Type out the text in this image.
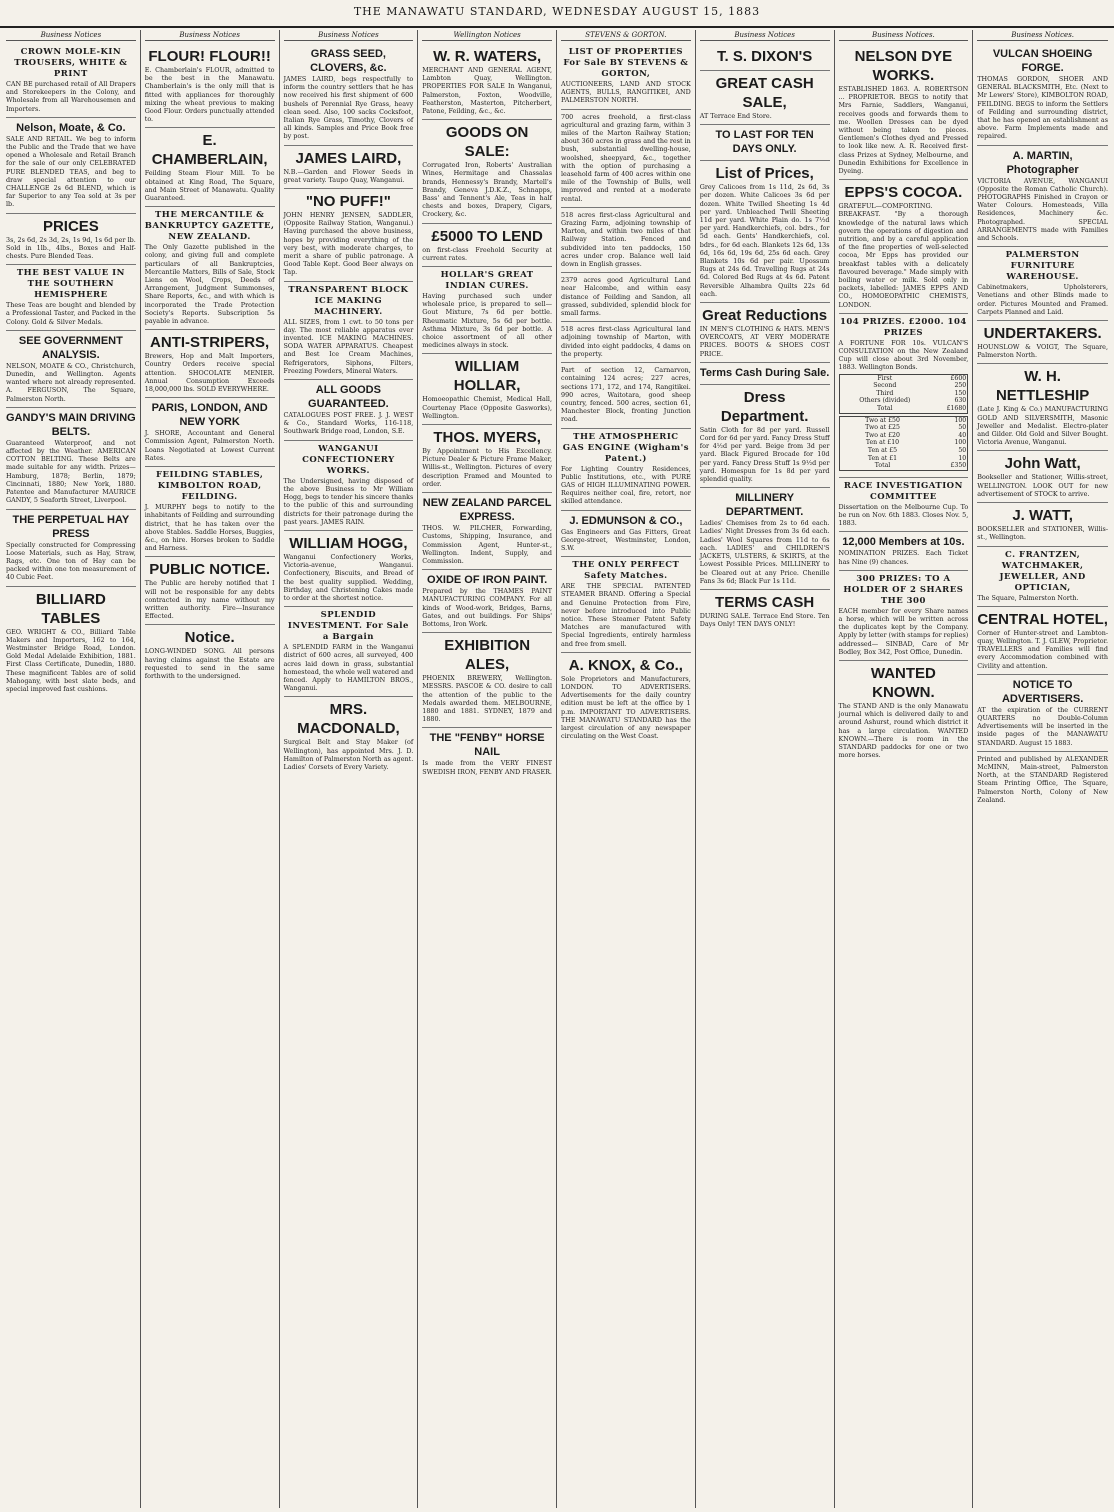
THE MANAWATU STANDARD, WEDNESDAY AUGUST 15, 1883
Business Notices
CROWN MOLE-KIN TROUSERS, WHITE & PRINT
CAN BE purchased retail of All Drapers and Storekeepers in the Colony, and Wholesale from all Warehousemen and Importers.
Nelson, Moate, & Co.
SALE AND RETAIL. We beg to inform the Public and the Trade that we have opened a Wholesale and Retail Branch for the sale of our only CELEBRATED PURE BLENDED TEAS, and beg to draw special attention to our CHALLENGE 2s 6d BLEND, which is far Superior to any Tea sold at 3s per lb.
PRICES
3s, 2s 6d, 2s 3d, 2s, 1s 9d, 1s 6d per lb. Sold in 1lb., 4lbs., Boxes and Half-chests. Pure Blended Teas.
THE BEST VALUE IN THE SOUTHERN HEMISPHERE
These Teas are bought and blended by a Professional Taster, and Packed in the Colony. Gold & Silver Medals.
SEE GOVERNMENT ANALYSIS.
NELSON, MOATE & CO., Christchurch, Dunedin, and Wellington. Agents wanted where not already represented. A. FERGUSON, The Square, Palmerston North.
GANDY'S MAIN DRIVING BELTS.
Guaranteed Waterproof, and not affected by the Weather. AMERICAN COTTON BELTING. These Belts are made suitable for any width. Prizes—Hamburg, 1878; Berlin, 1879; Cincinnati, 1880; New York, 1880. Patentee and Manufacturer MAURICE GANDY, 5 Seaforth Street, Liverpool.
THE PERPETUAL HAY PRESS
Specially constructed for Compressing Loose Materials, such as Hay, Straw, Rags, etc. One ton of Hay can be packed within one ton measurement of 40 Cubic Feet.
BILLIARD TABLES
GEO. WRIGHT & CO., Billiard Table Makers and Importers, 162 to 164, Westminster Bridge Road, London. Gold Medal Adelaide Exhibition, 1881. First Class Certificate, Dunedin, 1880. These magnificent Tables are of solid Mahogany, with best slate beds, and special improved fast cushions.
Business Notices
FLOUR! FLOUR!!
E. Chamberlain's FLOUR, admitted to be the best in the Manawatu. Chamberlain's is the only mill that is fitted with appliances for thoroughly mixing the wheat previous to making Good Flour. Orders punctually attended to.
E. CHAMBERLAIN,
Feilding Steam Flour Mill. To be obtained at King Road, The Square, and Main Street of Manawatu. Quality Guaranteed.
THE MERCANTILE & BANKRUPTCY GAZETTE, NEW ZEALAND.
The Only Gazette published in the colony, and giving full and complete particulars of all Bankruptcies, Mercantile Matters, Bills of Sale, Stock Liens on Wool, Crops, Deeds of Arrangement, Judgment Summonses, Share Reports, &c., and with which is incorporated the Trade Protection Society's Reports. Subscription 5s payable in advance.
ANTI-STRIPERS,
Brewers, Hop and Malt Importers, Country Orders receive special attention. SHOCOLATE MENIER. Annual Consumption Exceeds 18,000,000 lbs. SOLD EVERYWHERE.
PARIS, LONDON, AND NEW YORK
J. SHORE, Accountant and General Commission Agent, Palmerston North. Loans Negotiated at Lowest Current Rates.
FEILDING STABLES, KIMBOLTON ROAD, FEILDING.
J. MURPHY begs to notify to the inhabitants of Feilding and surrounding district, that he has taken over the above Stables. Saddle Horses, Buggies, &c., on hire. Horses broken to Saddle and Harness.
PUBLIC NOTICE.
The Public are hereby notified that I will not be responsible for any debts contracted in my name without my written authority. Fire—Insurance Effected.
Notice.
LONG-WINDED SONG. All persons having claims against the Estate are requested to send in the same forthwith to the undersigned.
Business Notices
GRASS SEED, CLOVERS, &c.
JAMES LAIRD, begs respectfully to inform the country settlers that he has now received his first shipment of 600 bushels of Perennial Rye Grass, heavy clean seed. Also, 100 sacks Cocksfoot, Italian Rye Grass, Timothy, Clovers of all kinds. Samples and Price Book free by post.
JAMES LAIRD,
N.B.—Garden and Flower Seeds in great variety. Taupo Quay, Wanganui.
"NO PUFF!"
JOHN HENRY JENSEN, SADDLER, (Opposite Railway Station, Wanganui.) Having purchased the above business, hopes by providing everything of the very best, with moderate charges, to merit a share of public patronage. A Good Table Kept. Good Beer always on Tap.
TRANSPARENT BLOCK ICE MAKING MACHINERY.
ALL SIZES, from 1 cwt. to 50 tons per day. The most reliable apparatus ever invented. ICE MAKING MACHINES. SODA WATER APPARATUS. Cheapest and Best Ice Cream Machines, Refrigerators, Siphons, Filters, Freezing Powders, Mineral Waters.
ALL GOODS GUARANTEED.
CATALOGUES POST FREE. J. J. WEST & Co., Standard Works, 116-118, Southwark Bridge road, London, S.E.
WANGANUI CONFECTIONERY WORKS.
The Undersigned, having disposed of the above Business to Mr William Hogg, begs to tender his sincere thanks to the public of this and surrounding districts for their patronage during the past years. JAMES RAIN.
WILLIAM HOGG,
Wanganui Confectionery Works, Victoria-avenue, Wanganui. Confectionery, Biscuits, and Bread of the best quality supplied. Wedding, Birthday, and Christening Cakes made to order at the shortest notice.
SPLENDID INVESTMENT. For Sale a Bargain
A SPLENDID FARM in the Wanganui district of 600 acres, all surveyed, 400 acres laid down in grass, substantial homestead, the whole well watered and fenced. Apply to HAMILTON BROS., Wanganui.
MRS. MACDONALD,
Surgical Belt and Stay Maker (of Wellington), has appointed Mrs. J. D. Hamilton of Palmerston North as agent. Ladies' Corsets of Every Variety.
Wellington Notices
W. R. WATERS,
MERCHANT AND GENERAL AGENT, Lambton Quay, Wellington. PROPERTIES FOR SALE In Wanganui, Palmerston, Foxton, Woodville, Featherston, Masterton, Pitcherbert, Patone, Feilding, &c., &c.
GOODS ON SALE:
Corrugated Iron, Roberts' Australian Wines, Hermitage and Chassalas brands, Hennessy's Brandy, Martell's Brandy, Geneva J.D.K.Z., Schnapps, Bass' and Tennent's Ale, Teas in half chests and boxes, Drapery, Cigars, Crockery, &c.
£5000 TO LEND
on first-class Freehold Security at current rates.
HOLLAR'S GREAT INDIAN CURES.
Having purchased such under wholesale price, is prepared to sell— Gout Mixture, 7s 6d per bottle. Rheumatic Mixture, 5s 6d per bottle. Asthma Mixture, 3s 6d per bottle. A choice assortment of all other medicines always in stock.
WILLIAM HOLLAR,
Homoeopathic Chemist, Medical Hall, Courtenay Place (Opposite Gasworks), Wellington.
THOS. MYERS,
By Appointment to His Excellency. Picture Dealer & Picture Frame Maker, Willis-st., Wellington. Pictures of every description Framed and Mounted to order.
NEW ZEALAND PARCEL EXPRESS.
THOS. W. PILCHER, Forwarding, Customs, Shipping, Insurance, and Commission Agent, Hunter-st., Wellington. Indent, Supply, and Commission.
OXIDE OF IRON PAINT.
Prepared by the THAMES PAINT MANUFACTURING COMPANY. For all kinds of Wood-work, Bridges, Barns, Gates, and out buildings. For Ships' Bottoms, Iron Work.
EXHIBITION ALES,
PHOENIX BREWERY, Wellington. MESSRS. PASCOE & CO. desire to call the attention of the public to the Medals awarded them. MELBOURNE, 1880 and 1881. SYDNEY, 1879 and 1880.
THE "FENBY" HORSE NAIL
Is made from the VERY FINEST SWEDISH IRON, FENBY AND FRASER.
STEVENS & GORTON.
LIST OF PROPERTIES For Sale BY STEVENS & GORTON,
AUCTIONEERS, LAND AND STOCK AGENTS, BULLS, RANGITIKEI, AND PALMERSTON NORTH.
700 acres freehold, a first-class agricultural and grazing farm, within 3 miles of the Marton Railway Station; about 360 acres in grass and the rest in bush, substantial dwelling-house, woolshed, sheepyard, &c., together with the option of purchasing a leasehold farm of 400 acres within one mile of the Township of Bulls, well improved and rented at a moderate rental.
518 acres first-class Agricultural and Grazing Farm, adjoining township of Marton, and within two miles of that Railway Station. Fenced and subdivided into ten paddocks, 150 acres under crop. Balance well laid down in English grasses.
2379 acres good Agricultural Land near Halcombe, and within easy distance of Feilding and Sandon, all grassed, subdivided, splendid block for small farms.
518 acres first-class Agricultural land adjoining township of Marton, with divided into eight paddocks, 4 dams on the property.
Part of section 12, Carnarvon, containing 124 acres; 227 acres, sections 171, 172, and 174, Rangitikei. 990 acres, Waitotara, good sheep country, fenced. 500 acres, section 61, Manchester Block, fronting Junction road.
THE ATMOSPHERIC GAS ENGINE (Wigham's Patent.)
For Lighting Country Residences, Public Institutions, etc., with PURE GAS of HIGH ILLUMINATING POWER. Requires neither coal, fire, retort, nor skilled attendance.
J. EDMUNSON & CO.,
Gas Engineers and Gas Fitters, Great George-street, Westminster, London, S.W.
THE ONLY PERFECT Safety Matches.
ARE THE SPECIAL PATENTED STEAMER BRAND. Offering a Special and Genuine Protection from Fire, never before introduced into Public notice. These Steamer Patent Safety Matches are manufactured with Special Ingredients, entirely harmless and free from smell.
A. KNOX, & Co.,
Sole Proprietors and Manufacturers, LONDON. TO ADVERTISERS. Advertisements for the daily country edition must be left at the office by 1 p.m. IMPORTANT TO ADVERTISERS. THE MANAWATU STANDARD has the largest circulation of any newspaper circulating on the West Coast.
Business Notices
T. S. DIXON'S
GREAT CASH SALE,
AT Terrace End Store.
TO LAST FOR TEN DAYS ONLY.
List of Prices,
Grey Calicoes from 1s 11d, 2s 6d, 3s per dozen. White Calicoes 3s 6d per dozen. White Twilled Sheeting 1s 4d per yard. Unbleached Twill Sheeting 11d per yard. White Plain do. 1s 7½d per yard. Handkerchiefs, col. bdrs., for 5d each. Gents' Handkerchiefs, col. bdrs., for 6d each. Blankets 12s 6d, 13s 6d, 16s 6d, 19s 6d, 25s 6d each. Grey Blankets 10s 6d per pair. Upossum Rugs at 24s 6d. Travelling Rugs at 24s 6d. Colored Bed Rugs at 4s 6d. Patent Reversible Alhambra Quilts 22s 6d each.
Great Reductions
IN MEN'S CLOTHING & HATS. MEN'S OVERCOATS, AT VERY MODERATE PRICES. BOOTS & SHOES COST PRICE.
Terms Cash During Sale.
Dress Department.
Satin Cloth for 8d per yard. Russell Cord for 6d per yard. Fancy Dress Stuff for 4½d per yard. Beige from 3d per yard. Black Figured Brocade for 10d per yard. Fancy Dress Stuff 1s 9½d per yard. Homespun for 1s 8d per yard splendid quality.
MILLINERY DEPARTMENT.
Ladies' Chemises from 2s to 6d each. Ladies' Night Dresses from 3s 6d each. Ladies' Wool Squares from 11d to 6s each. LADIES' and CHILDREN'S JACKETS, ULSTERS, & SKIRTS, at the Lowest Possible Prices. MILLINERY to be Cleared out at any Price. Chenille Fans 3s 6d; Black Fur 1s 11d.
TERMS CASH
DURING SALE. Terrace End Store. Ten Days Only! TEN DAYS ONLY!
Business Notices.
NELSON DYE WORKS.
ESTABLISHED 1863. A. ROBERTSON ... PROPRIETOR. BEGS to notify that Mrs Farnie, Saddlers, Wanganui, receives goods and forwards them to me. Woollen Dresses can be dyed without being taken to pieces. Gentlemen's Clothes dyed and Pressed to look like new. A. R. Received first-class Prizes at Sydney, Melbourne, and Dunedin Exhibitions for Excellence in Dyeing.
EPPS'S COCOA.
GRATEFUL—COMFORTING. BREAKFAST. "By a thorough knowledge of the natural laws which govern the operations of digestion and nutrition, and by a careful application of the fine properties of well-selected cocoa, Mr Epps has provided our breakfast tables with a delicately flavoured beverage." Made simply with boiling water or milk. Sold only in packets, labelled: JAMES EPPS AND CO., HOMOEOPATHIC CHEMISTS, LONDON.
104 PRIZES. £2000. 104 PRIZES
A FORTUNE FOR 10s. VULCAN'S CONSULTATION on the New Zealand Cup will close about 3rd November, 1883. Wellington Bonds.
First	£600
Second	250
Third	150
Others (divided)	630
Total	£1680
Two at £50	100
Two at £25	50
Two at £20	40
Ten at £10	100
Ten at £5	50
Ten at £1	10
Total	£350
RACE INVESTIGATION COMMITTEE
Dissertation on the Melbourne Cup. To be run on Nov. 6th 1883. Closes Nov. 5, 1883.
12,000 Members at 10s.
NOMINATION PRIZES. Each Ticket has Nine (9) chances.
300 PRIZES: TO A HOLDER OF 2 SHARES THE 300
EACH member for every Share names a horse, which will be written across the duplicates kept by the Company. Apply by letter (with stamps for replies) addressed— SINBAD, Care of Mr Bodley, Box 342, Post Office, Dunedin.
WANTED KNOWN.
The STAND AND is the only Manawatu journal which is delivered daily to and around Ashurst, round which district it has a large circulation. WANTED KNOWN.—There is room in the STANDARD paddocks for one or two more horses.
Business Notices.
VULCAN SHOEING FORGE.
THOMAS GORDON, SHOER AND GENERAL BLACKSMITH, Etc. (Next to Mr Lewers' Store), KIMBOLTON ROAD, FEILDING. BEGS to inform the Settlers of Feilding and surrounding district, that he has opened an establishment as above. Farm Implements made and repaired.
A. MARTIN, Photographer
VICTORIA AVENUE, WANGANUI (Opposite the Roman Catholic Church). PHOTOGRAPHS Finished in Crayon or Water Colours. Homesteads, Villa Residences, Machinery &c. Photographed. SPECIAL ARRANGEMENTS made with Families and Schools.
PALMERSTON FURNITURE WAREHOUSE.
Cabinetmakers, Upholsterers, Venetians and other Blinds made to order. Pictures Mounted and Framed. Carpets Planned and Laid.
UNDERTAKERS.
HOUNSLOW & VOIGT, The Square, Palmerston North.
W. H. NETTLESHIP
(Late J. King & Co.) MANUFACTURING GOLD AND SILVERSMITH, Masonic Jeweller and Medalist. Electro-plater and Gilder. Old Gold and Silver Bought. Victoria Avenue, Wanganui.
John Watt,
Bookseller and Stationer, Willis-street, WELLINGTON. LOOK OUT for new advertisement of STOCK to arrive.
J. WATT,
BOOKSELLER and STATIONER, Willis-st., Wellington.
C. FRANTZEN, WATCHMAKER, JEWELLER, AND OPTICIAN,
The Square, Palmerston North.
CENTRAL HOTEL,
Corner of Hunter-street and Lambton-quay, Wellington. T. J. GLEW, Proprietor. TRAVELLERS and Families will find every Accommodation combined with Civility and attention.
NOTICE TO ADVERTISERS.
AT the expiration of the CURRENT QUARTERS no Double-Column Advertisements will be inserted in the inside pages of the MANAWATU STANDARD. August 15 1883.
Printed and published by ALEXANDER McMINN, Main-street, Palmerston North, at the STANDARD Registered Steam Printing Office, The Square, Palmerston North, Colony of New Zealand.
